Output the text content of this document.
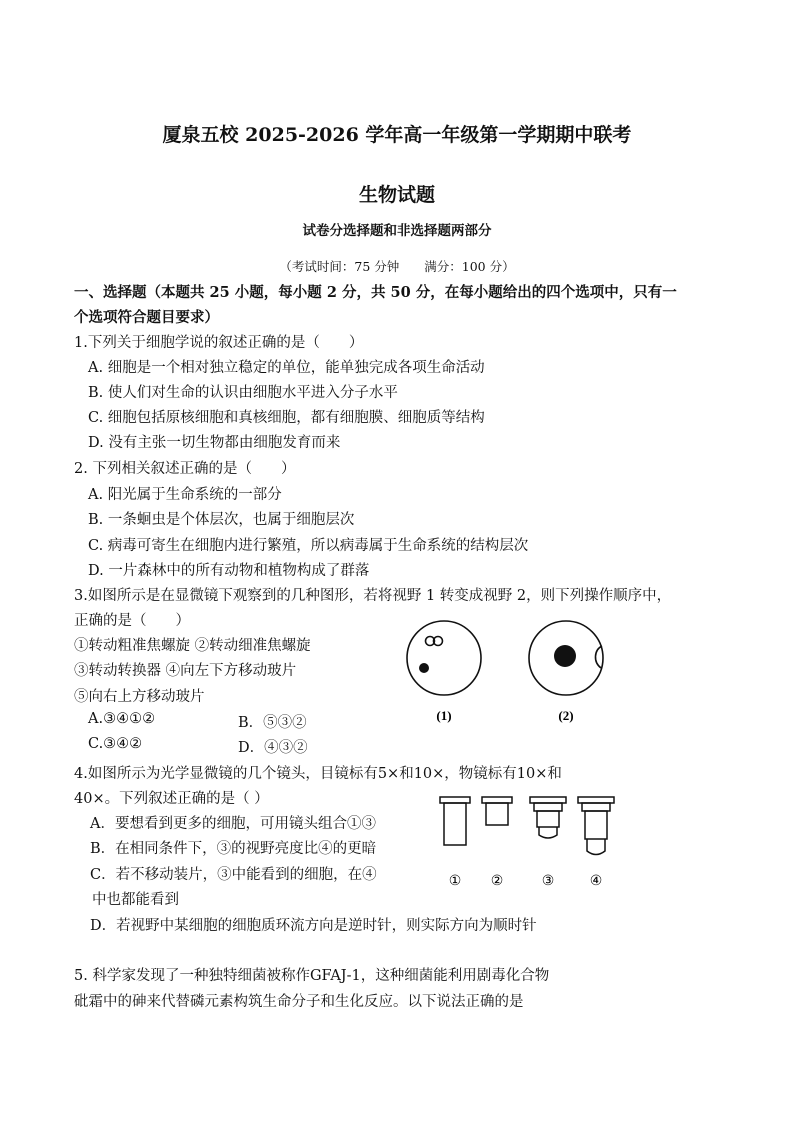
厦泉五校 2025-2026 学年高一年级第一学期期中联考
生物试题
试卷分选择题和非选择题两部分
（考试时间：75 分钟　　满分：100 分）
一、选择题（本题共 25 小题，每小题 2 分，共 50 分，在每小题给出的四个选项中，只有一
个选项符合题目要求）
1.下列关于细胞学说的叙述正确的是（　　）
A. 细胞是一个相对独立稳定的单位，能单独完成各项生命活动
B. 使人们对生命的认识由细胞水平进入分子水平
C. 细胞包括原核细胞和真核细胞，都有细胞膜、细胞质等结构
D. 没有主张一切生物都由细胞发育而来
2. 下列相关叙述正确的是（　　）
A. 阳光属于生命系统的一部分
B. 一条蛔虫是个体层次，也属于细胞层次
C. 病毒可寄生在细胞内进行繁殖，所以病毒属于生命系统的结构层次
D. 一片森林中的所有动物和植物构成了群落
3.如图所示是在显微镜下观察到的几种图形，若将视野 1 转变成视野 2，则下列操作顺序中，
正确的是（　　）
①转动粗准焦螺旋 ②转动细准焦螺旋
③转动转换器 ④向左下方移动玻片
⑤向右上方移动玻片
A.③④①②	B．⑤③②
C.③④②	D．④③②
(1)	(2)
4.如图所示为光学显微镜的几个镜头，目镜标有5×和10×，物镜标有10×和
40×。下列叙述正确的是（ ）
A．要想看到更多的细胞，可用镜头组合①③
B．在相同条件下，③的视野亮度比④的更暗
C．若不移动装片，③中能看到的细胞，在④
中也都能看到
D．若视野中某细胞的细胞质环流方向是逆时针，则实际方向为顺时针
① ②	③	④
5. 科学家发现了一种独特细菌被称作GFAJ-1，这种细菌能利用剧毒化合物
砒霜中的砷来代替磷元素构筑生命分子和生化反应。以下说法正确的是
